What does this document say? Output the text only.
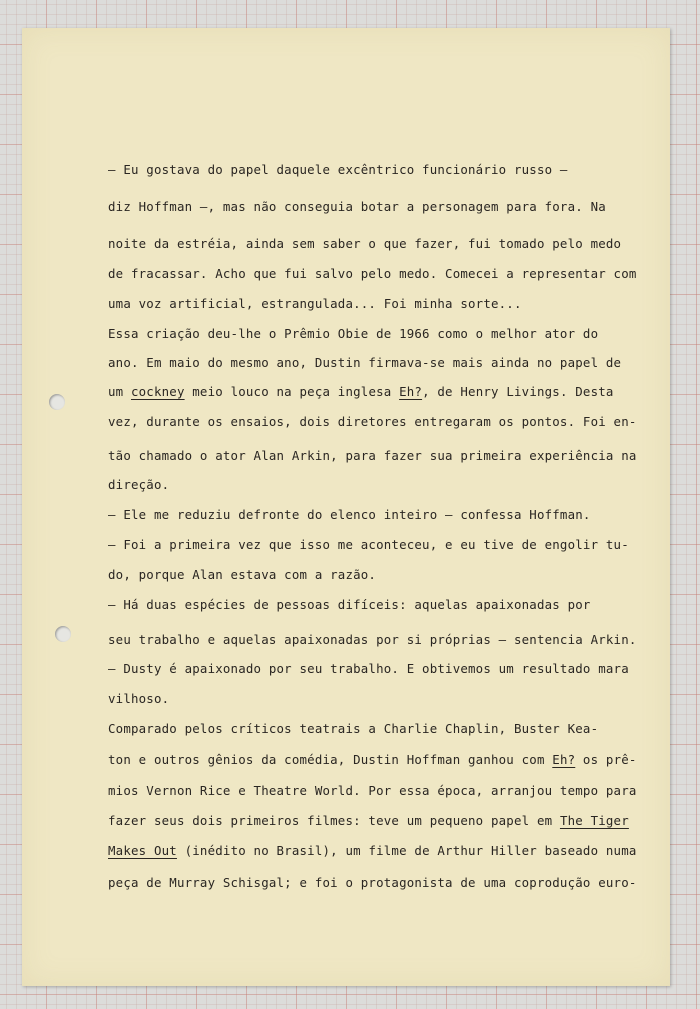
— Eu gostava do papel daquele excêntrico funcionário russo —
diz Hoffman —, mas não conseguia botar a personagem para fora. Na
noite da estréia, ainda sem saber o que fazer, fui tomado pelo medo
de fracassar. Acho que fui salvo pelo medo. Comecei a representar com
uma voz artificial, estrangulada... Foi minha sorte...
Essa criação deu-lhe o Prêmio Obie de 1966 como o melhor ator do
ano. Em maio do mesmo ano, Dustin firmava-se mais ainda no papel de
um cockney meio louco na peça inglesa Eh?, de Henry Livings. Desta
vez, durante os ensaios, dois diretores entregaram os pontos. Foi en-
tão chamado o ator Alan Arkin, para fazer sua primeira experiência na
direção.
— Ele me reduziu defronte do elenco inteiro — confessa Hoffman.
— Foi a primeira vez que isso me aconteceu, e eu tive de engolir tu-
do, porque Alan estava com a razão.
— Há duas espécies de pessoas difíceis: aquelas apaixonadas por
seu trabalho e aquelas apaixonadas por si próprias — sentencia Arkin.
— Dusty é apaixonado por seu trabalho. E obtivemos um resultado mara
vilhoso.
Comparado pelos críticos teatrais a Charlie Chaplin, Buster Kea-
ton e outros gênios da comédia, Dustin Hoffman ganhou com Eh? os prê-
mios Vernon Rice e Theatre World. Por essa época, arranjou tempo para
fazer seus dois primeiros filmes: teve um pequeno papel em The Tiger
Makes Out (inédito no Brasil), um filme de Arthur Hiller baseado numa
peça de Murray Schisgal; e foi o protagonista de uma coprodução euro-
